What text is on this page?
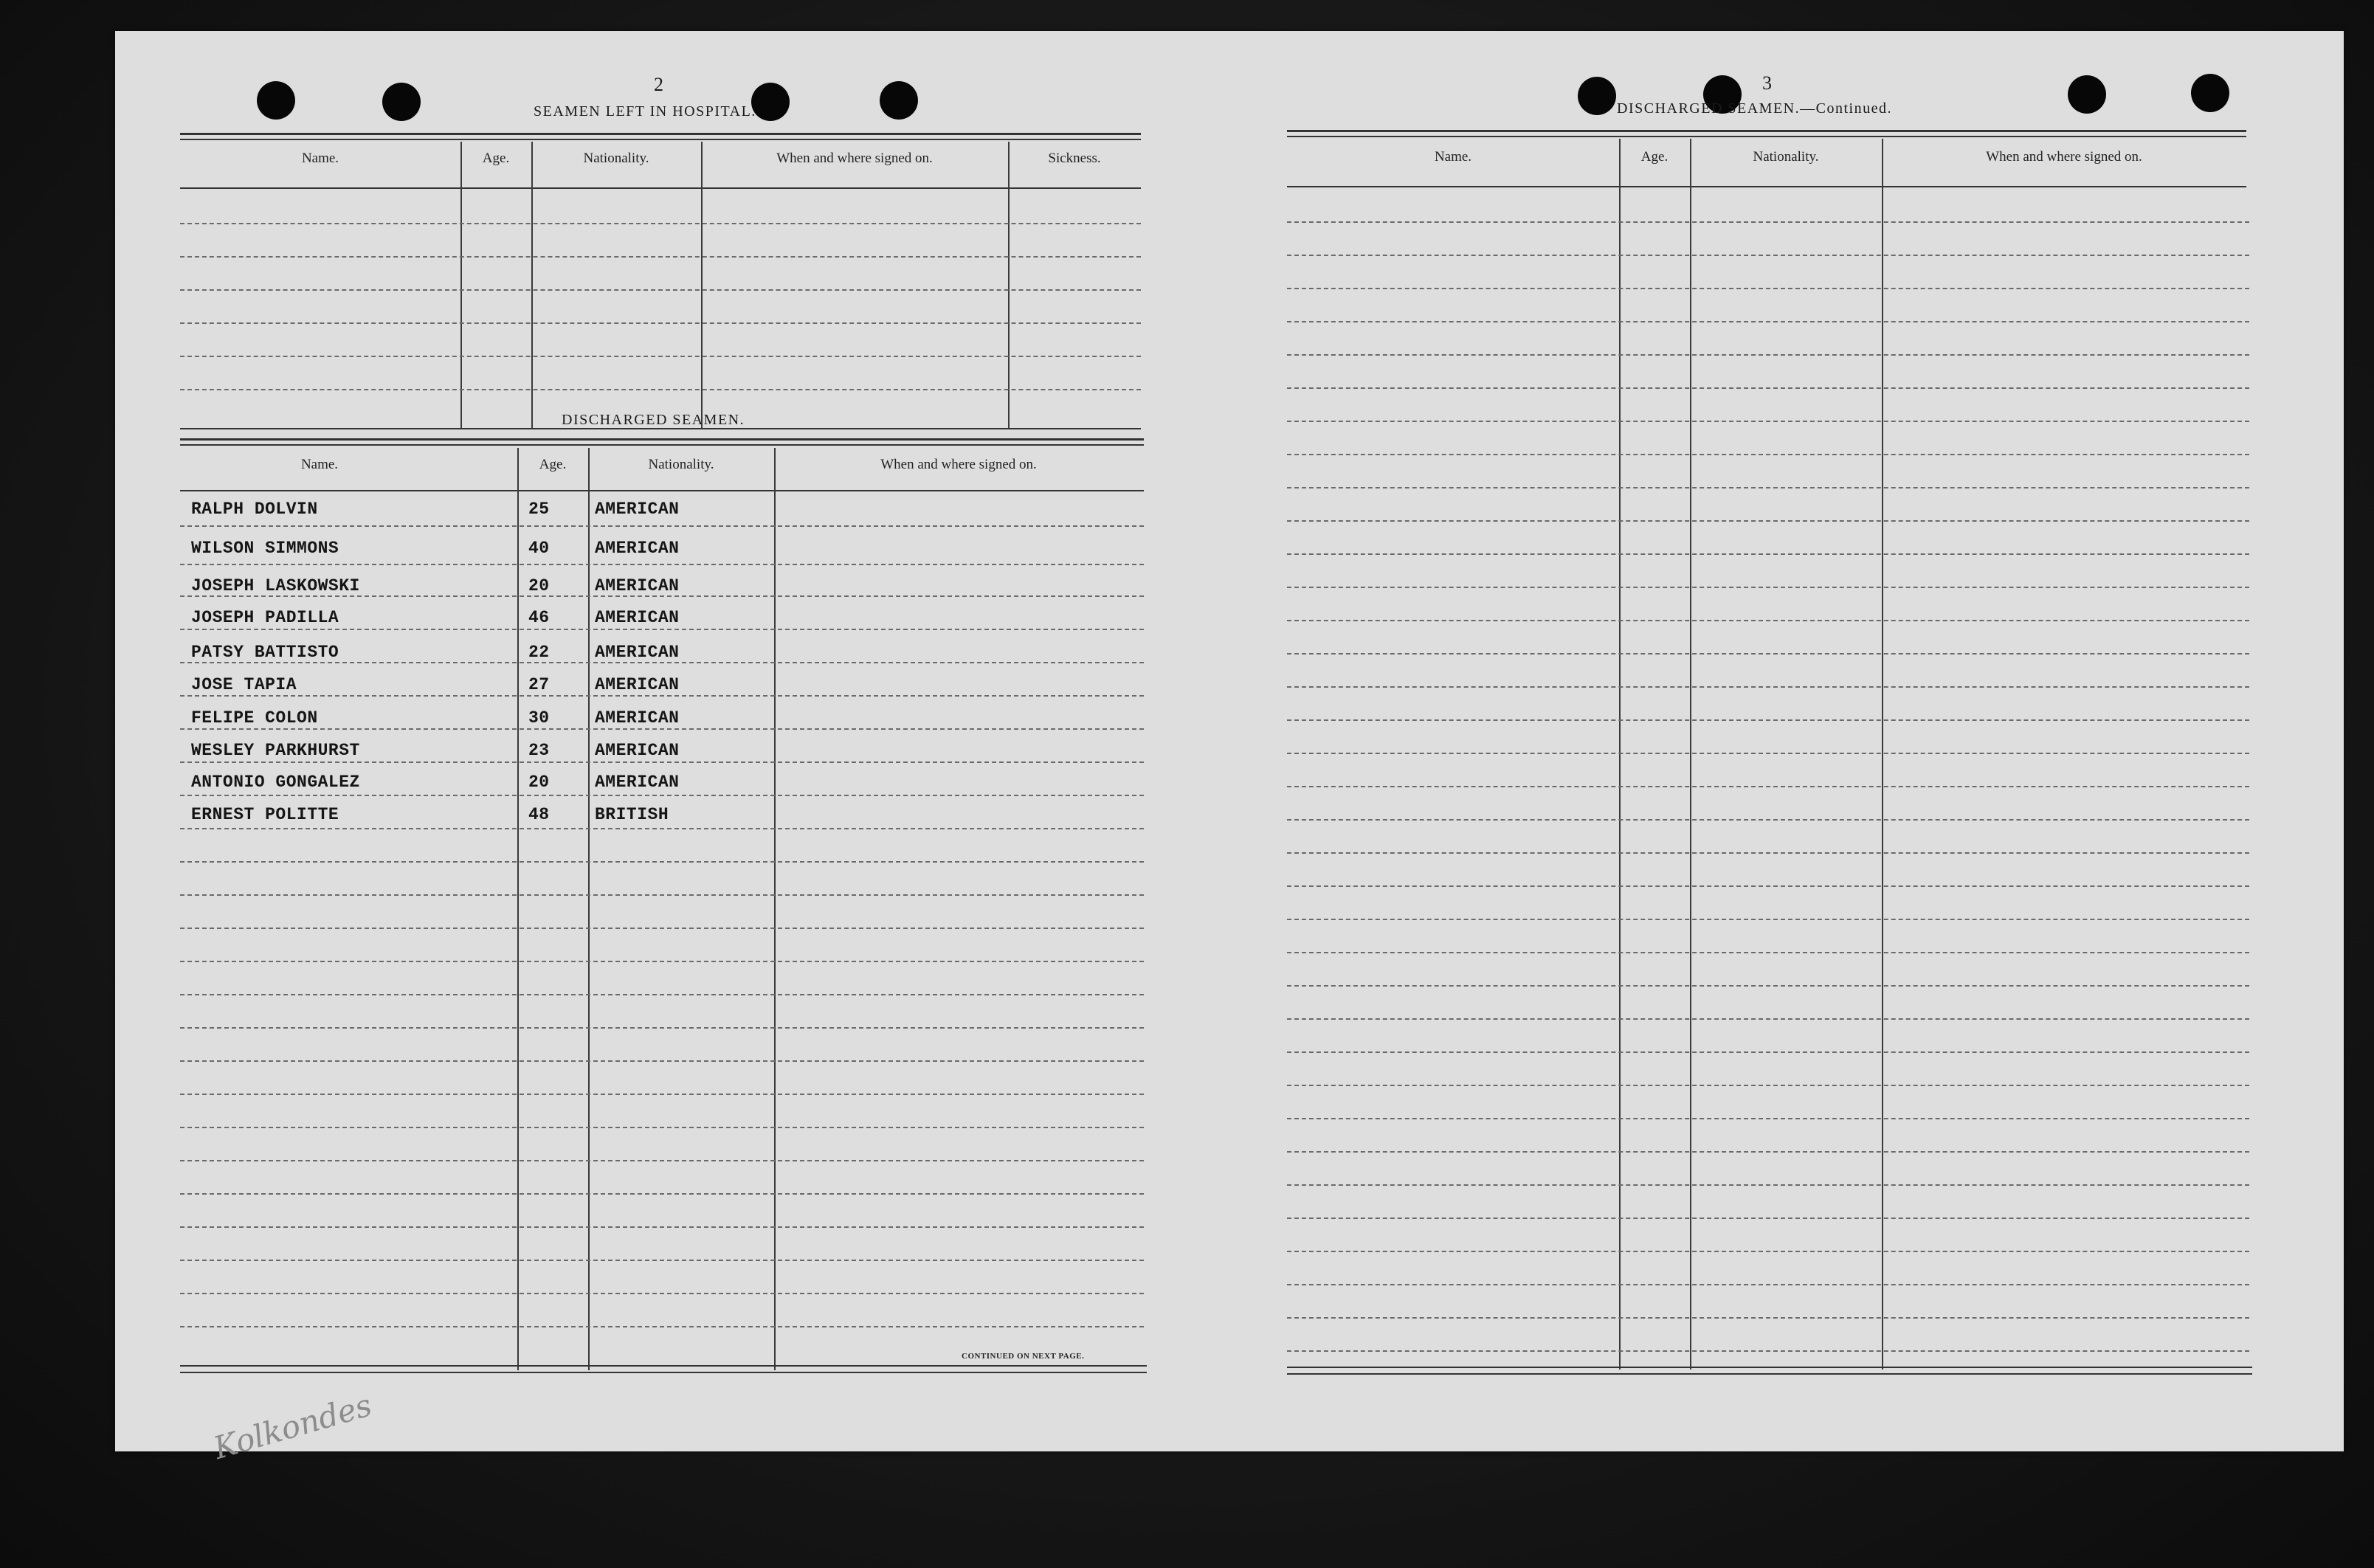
2
SEAMEN LEFT IN HOSPITAL.
Name.	Age.	Nationality.	When and where signed on.	Sickness.
DISCHARGED SEAMEN.
Name.	Age.	Nationality.	When and where signed on.
RALPH DOLVIN	25	AMERICAN
WILSON SIMMONS	40	AMERICAN
JOSEPH LASKOWSKI	20	AMERICAN
JOSEPH PADILLA	46	AMERICAN
PATSY BATTISTO	22	AMERICAN
JOSE TAPIA	27	AMERICAN
FELIPE COLON	30	AMERICAN
WESLEY PARKHURST	23	AMERICAN
ANTONIO GONGALEZ	20	AMERICAN
ERNEST POLITTE	48	BRITISH
CONTINUED ON NEXT PAGE.
Kolkondes
3
DISCHARGED SEAMEN.—Continued.
Name.	Age.	Nationality.	When and where signed on.
